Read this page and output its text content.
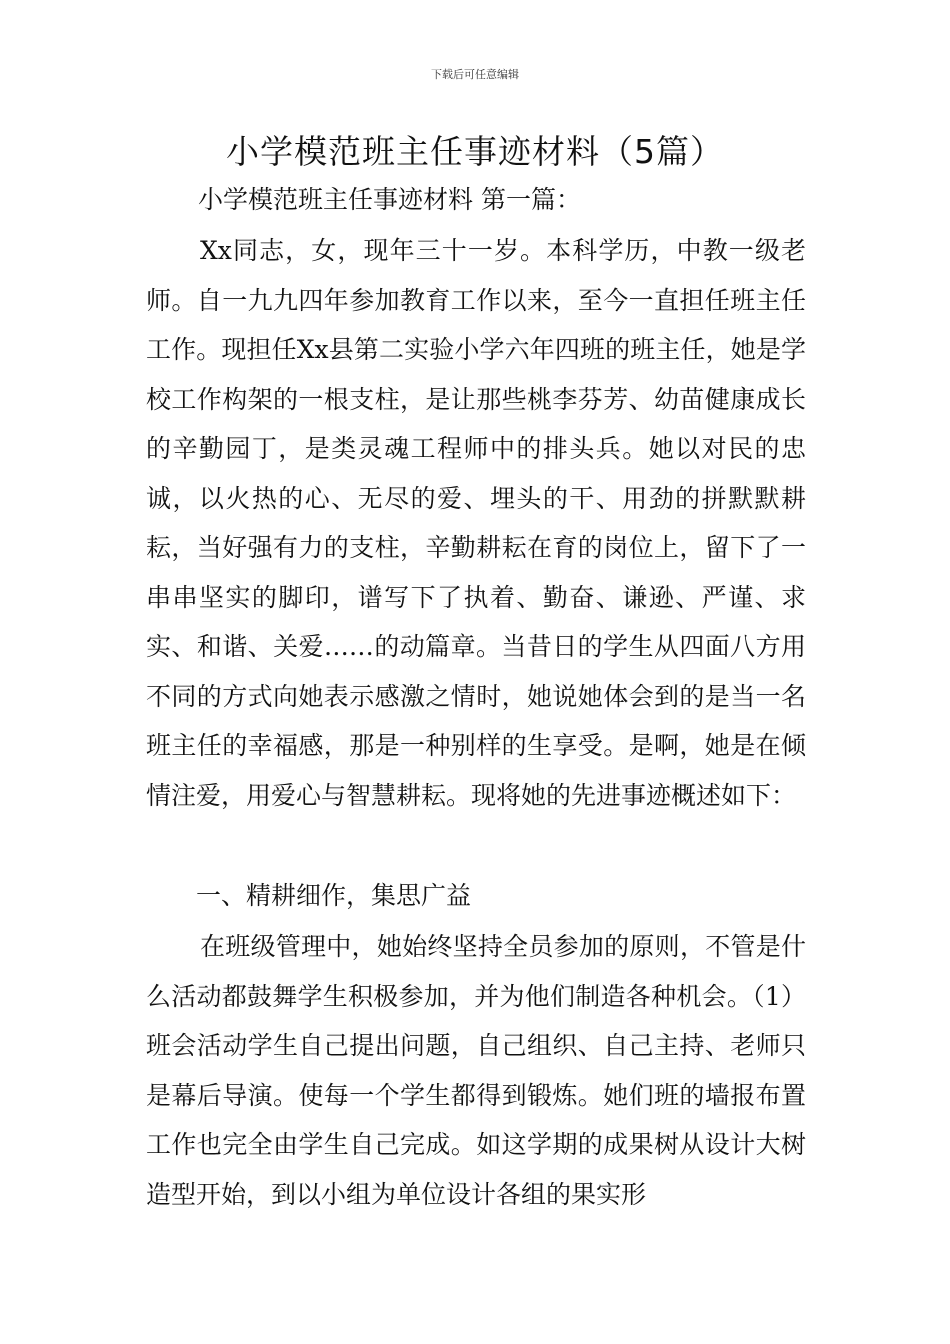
下载后可任意编辑
小学模范班主任事迹材料（5篇）
小学模范班主任事迹材料 第一篇：

Xx同志，女，现年三十一岁。本科学历，中教一级老师。自一九九四年参加教育工作以来，至今一直担任班主任工作。现担任Xx县第二实验小学六年四班的班主任，她是学校工作构架的一根支柱，是让那些桃李芬芳、幼苗健康成长的辛勤园丁，是类灵魂工程师中的排头兵。她以对民的忠诚，以火热的心、无尽的爱、埋头的干、用劲的拼默默耕耘，当好强有力的支柱，辛勤耕耘在育的岗位上，留下了一串串坚实的脚印，谱写下了执着、勤奋、谦逊、严谨、求实、和谐、关爱……的动篇章。当昔日的学生从四面八方用不同的方式向她表示感激之情时，她说她体会到的是当一名班主任的幸福感，那是一种别样的生享受。是啊，她是在倾情注爱，用爱心与智慧耕耘。现将她的先进事迹概述如下：

一、精耕细作，集思广益

在班级管理中，她始终坚持全员参加的原则，不管是什么活动都鼓舞学生积极参加，并为他们制造各种机会。（1）班会活动学生自己提出问题，自己组织、自己主持、老师只是幕后导演。使每一个学生都得到锻炼。她们班的墙报布置工作也完全由学生自己完成。如这学期的成果树从设计大树造型开始，到以小组为单位设计各组的果实形
